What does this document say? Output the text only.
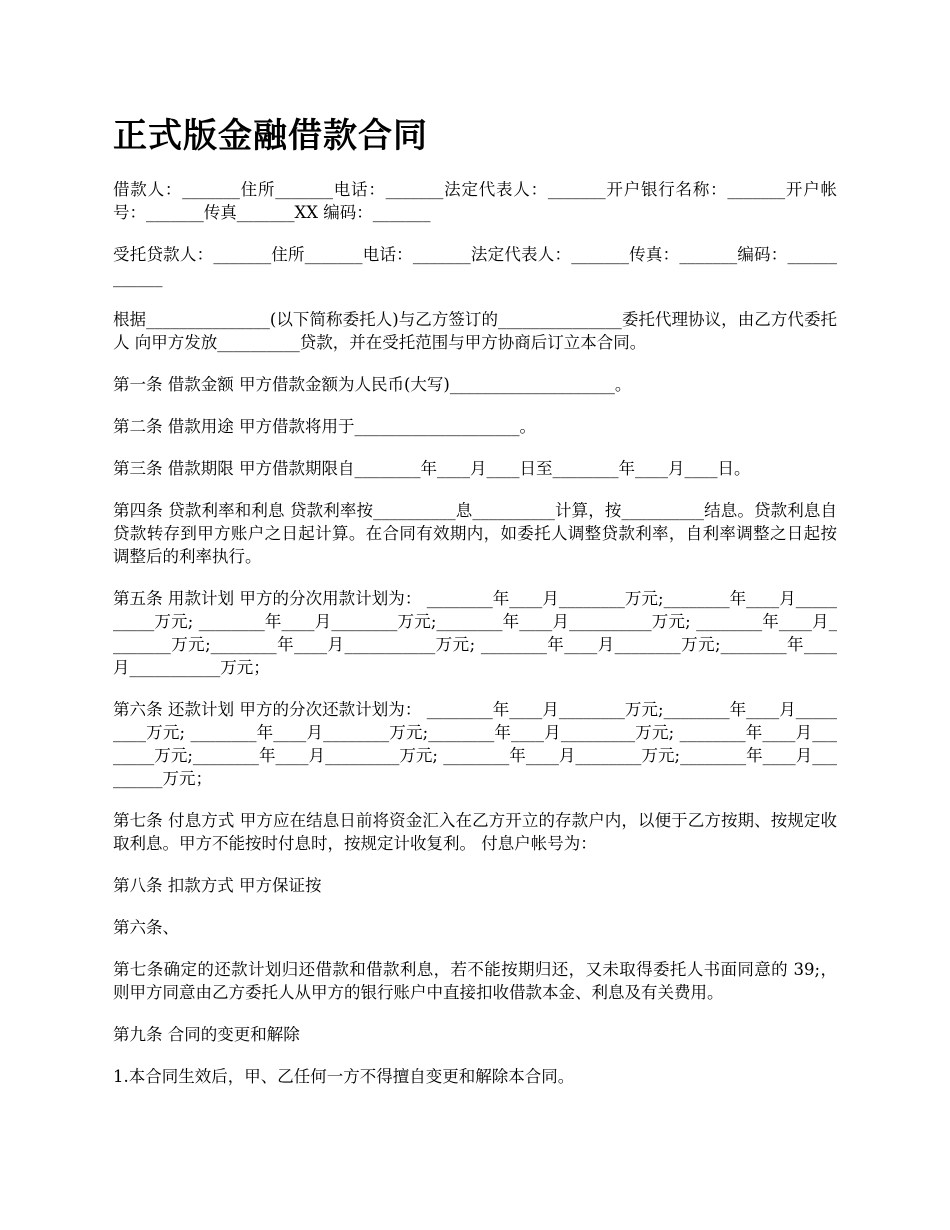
正式版金融借款合同

借款人：_______住所_______电话：_______法定代表人：_______开户银行名称：_______开户帐号：_______传真_______XX 编码：_______

受托贷款人：_______住所_______电话：_______法定代表人：_______传真：_______编码：____________

根据_______________(以下简称委托人)与乙方签订的_______________委托代理协议，由乙方代委托人 向甲方发放__________贷款，并在受托范围与甲方协商后订立本合同。

第一条 借款金额 甲方借款金额为人民币(大写)____________________。

第二条 借款用途 甲方借款将用于____________________。

第三条 借款期限 甲方借款期限自________年____月____日至________年____月____日。

第四条 贷款利率和利息 贷款利率按__________息__________计算，按__________结息。贷款利息自贷款转存到甲方账户之日起计算。在合同有效期内，如委托人调整贷款利率，自利率调整之日起按调整后的利率执行。

第五条 用款计划 甲方的分次用款计划为： ________年____月________万元;________年____月__________万元; ________年____月________万元;________年____月__________万元; ________年____月________万元;________年____月___________万元; ________年____月________万元;________年____月___________万元；

第六条 还款计划 甲方的分次还款计划为： ________年____月________万元;________年____月_________万元; ________年____月________万元;________年____月_________万元; ________年____月________万元;________年____月_________万元; ________年____月________万元;________年____月_________万元；

第七条 付息方式 甲方应在结息日前将资金汇入在乙方开立的存款户内，以便于乙方按期、按规定收取利息。甲方不能按时付息时，按规定计收复利。 付息户帐号为：

第八条 扣款方式 甲方保证按

第六条、

第七条确定的还款计划归还借款和借款利息，若不能按期归还，又未取得委托人书面同意的 39;，则甲方同意由乙方委托人从甲方的银行账户中直接扣收借款本金、利息及有关费用。

第九条 合同的变更和解除

1.本合同生效后，甲、乙任何一方不得擅自变更和解除本合同。
